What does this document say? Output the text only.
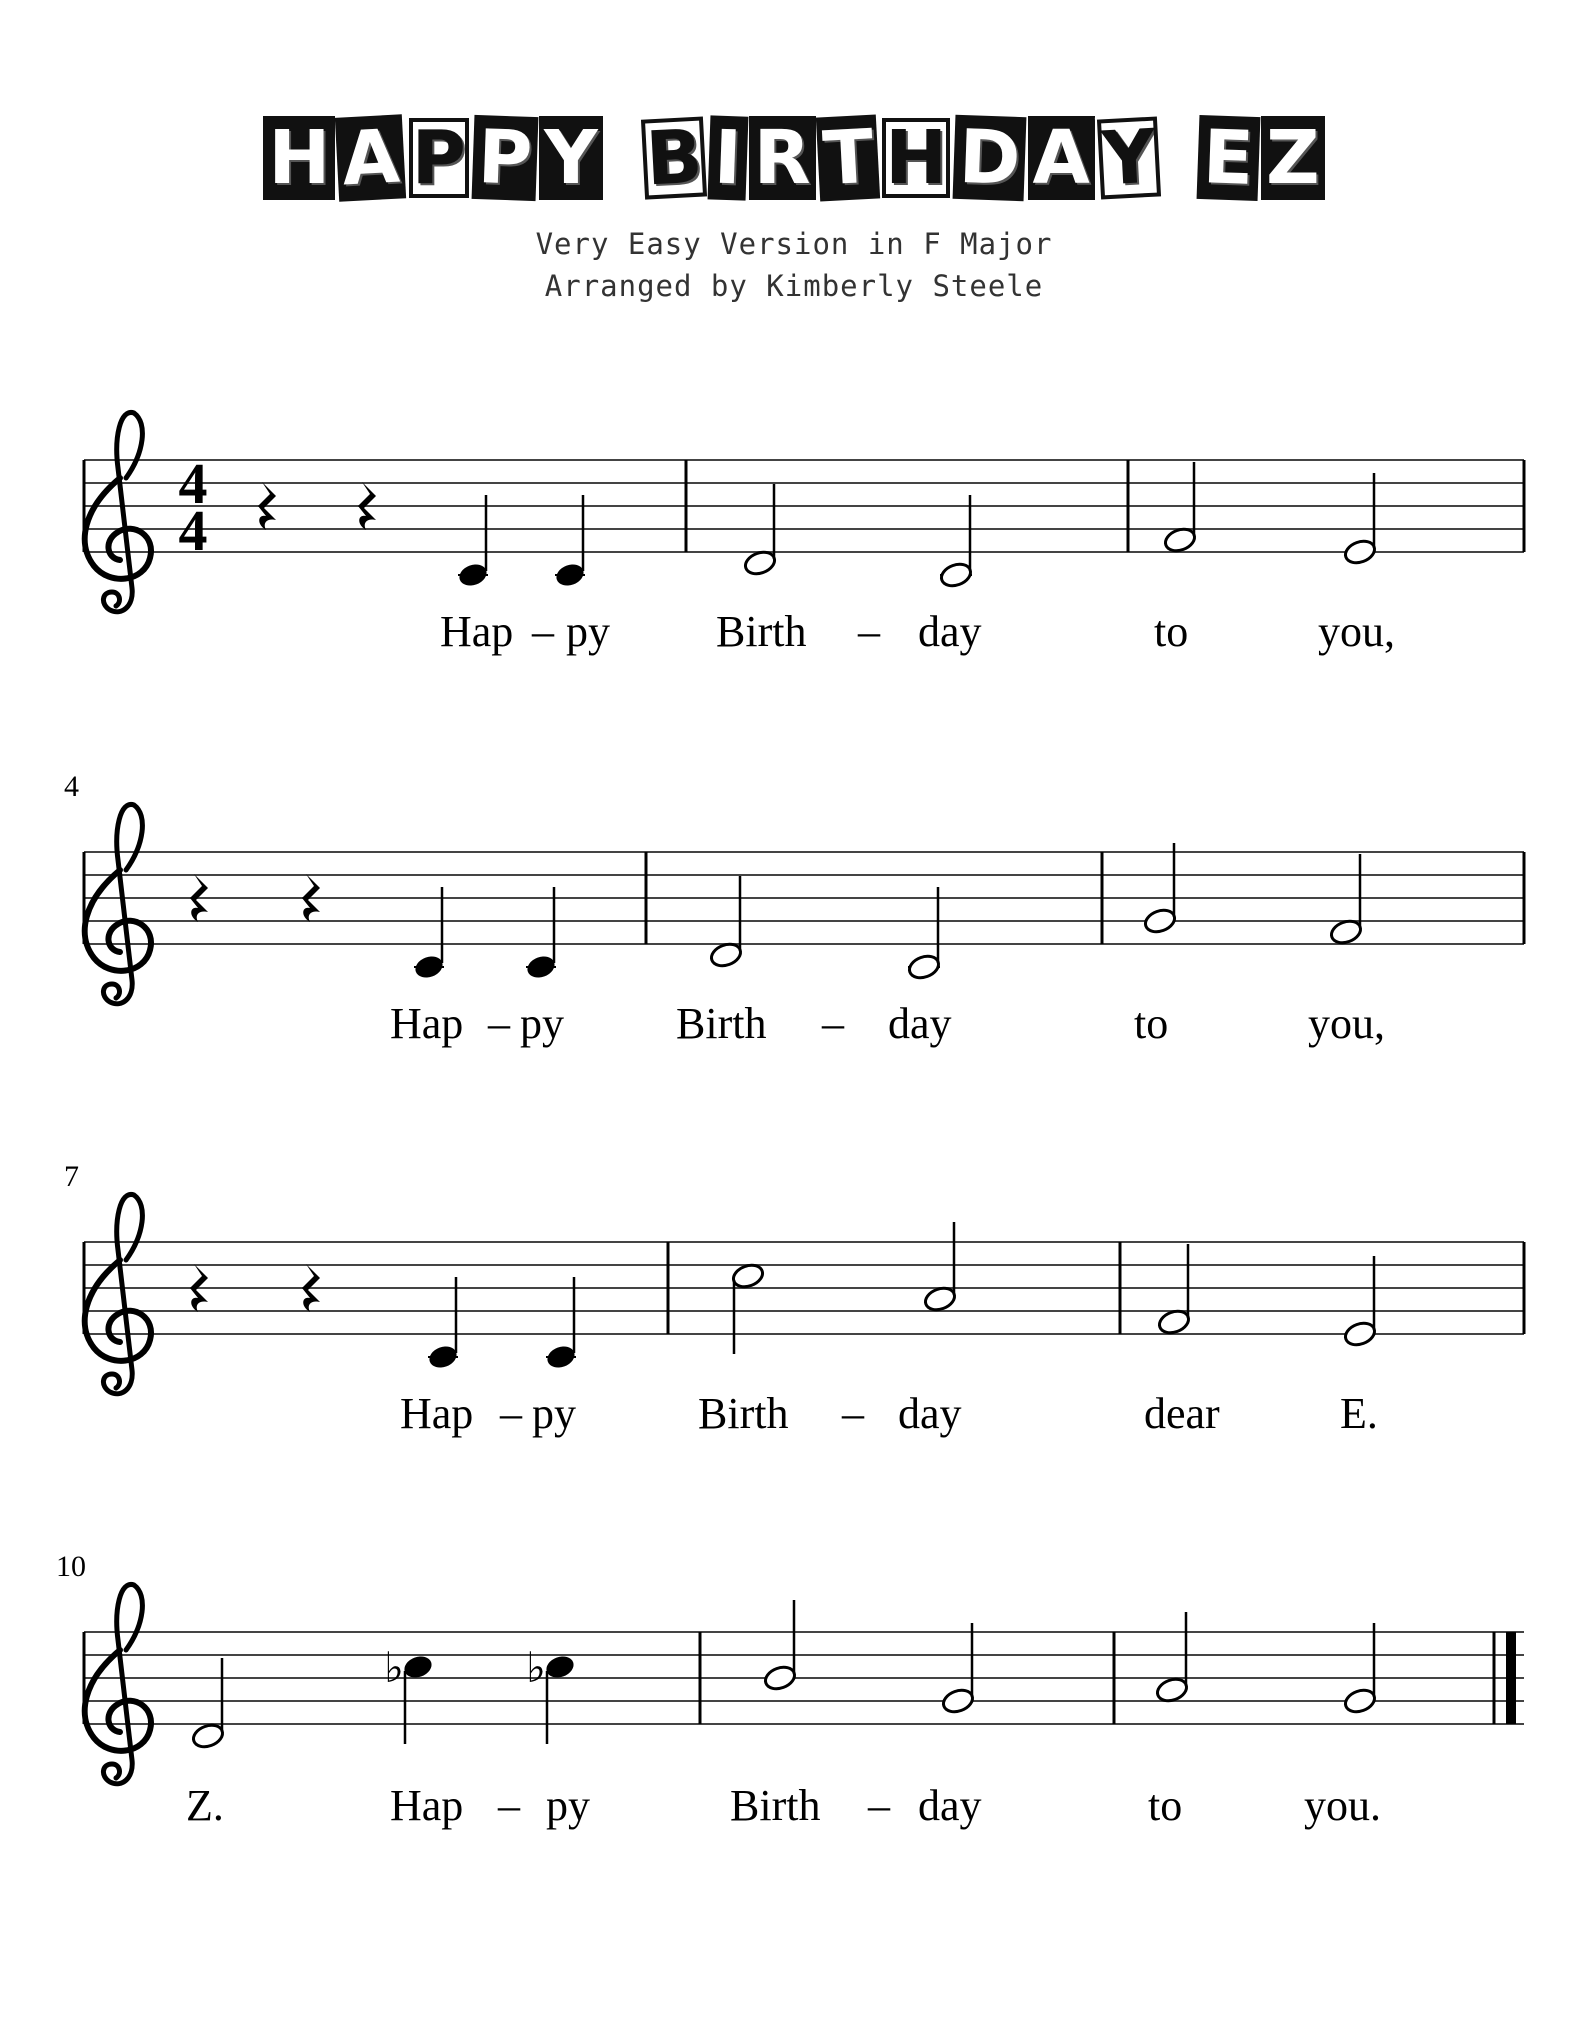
H A P P Y B I R T H D A Y E Z
Very Easy Version in F Major
Arranged by Kimberly Steele
4
7
10
4
4
Hap – py Birth – day	to	you,
Hap – py	Birth – day	to	you,
Hap – py	Birth – day	dear	E.
♭	♭
Z.	Hap – py	Birth – day	to	you.
